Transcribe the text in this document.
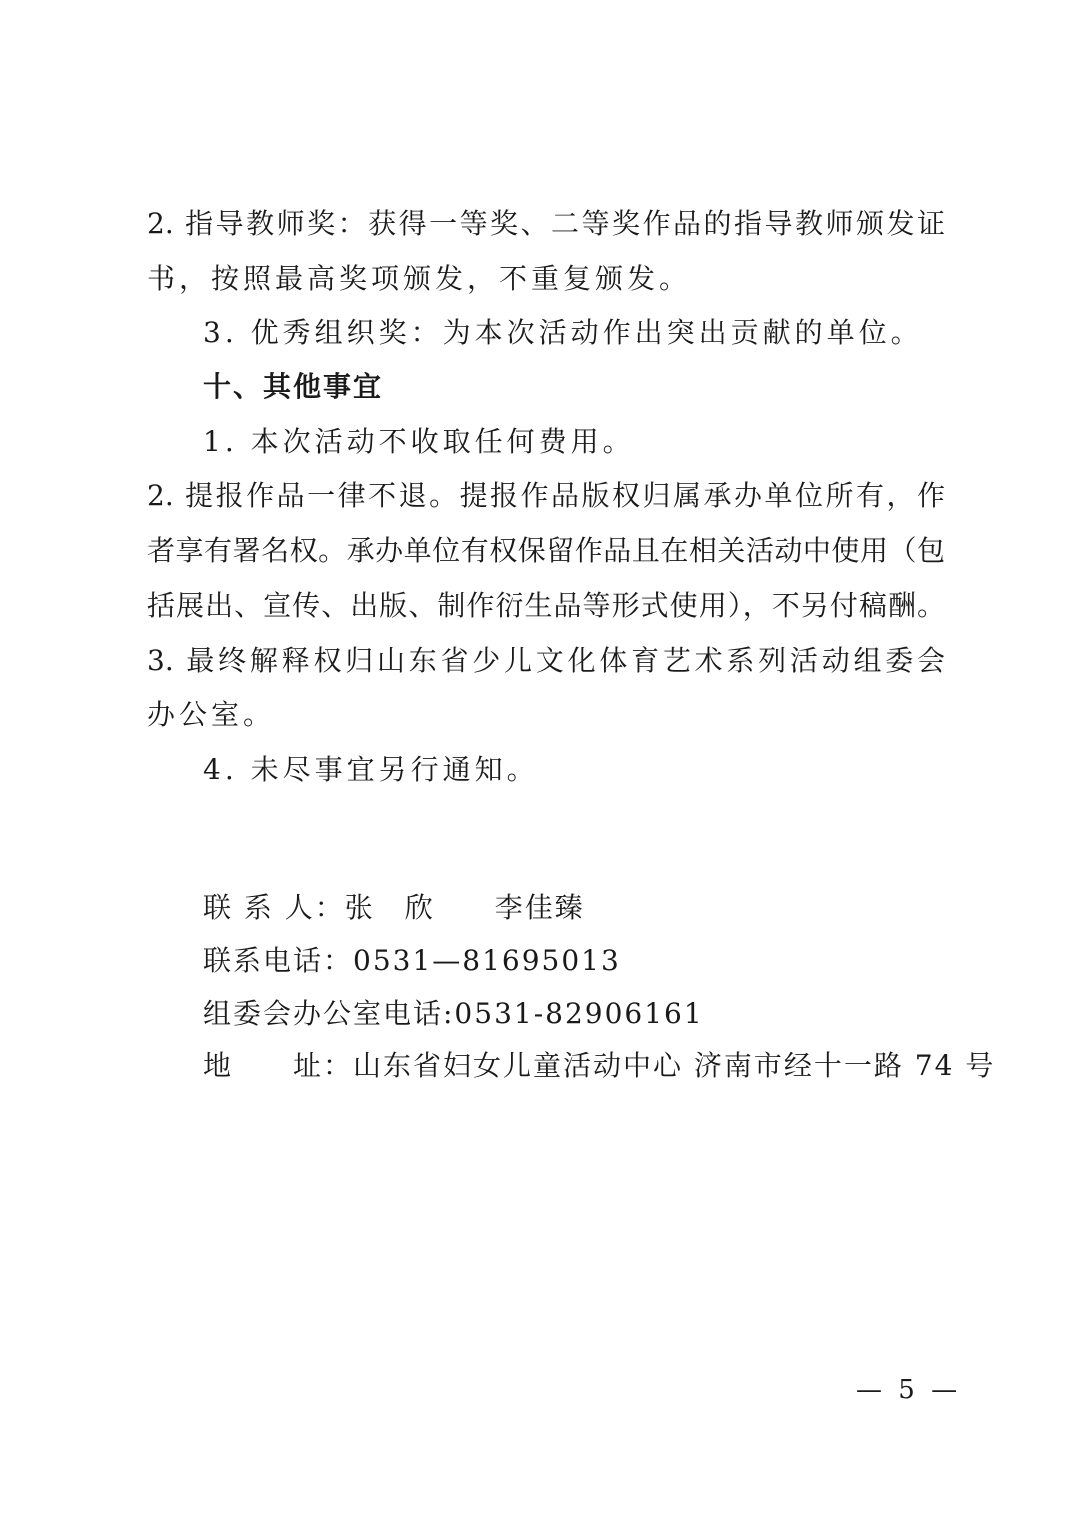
2. 指导教师奖：获得一等奖、二等奖作品的指导教师颁发证
书，按照最高奖项颁发，不重复颁发。
3. 优秀组织奖：为本次活动作出突出贡献的单位。
十、其他事宜
1. 本次活动不收取任何费用。
2. 提报作品一律不退。提报作品版权归属承办单位所有，作
者享有署名权。承办单位有权保留作品且在相关活动中使用（包
括展出、宣传、出版、制作衍生品等形式使用），不另付稿酬。
3. 最终解释权归山东省少儿文化体育艺术系列活动组委会
办公室。
4. 未尽事宜另行通知。
联 系 人：张　欣　　李佳臻
联系电话：0531—81695013
组委会办公室电话:0531-82906161
地　　址：山东省妇女儿童活动中心 济南市经十一路 74 号
— 5 —
